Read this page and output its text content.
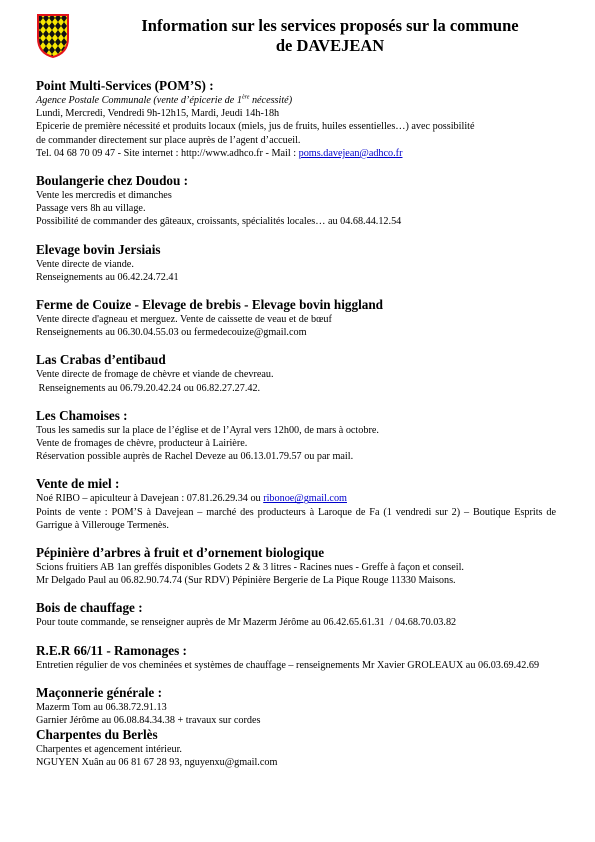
Information sur les services proposés sur la commune
de DAVEJEAN
Point Multi-Services (POM’S) :
Agence Postale Communale (vente d’épicerie de 1ère nécessité)
Lundi, Mercredi, Vendredi 9h-12h15, Mardi, Jeudi 14h-18h
Epicerie de première nécessité et produits locaux (miels, jus de fruits, huiles essentielles…) avec possibilité
de commander directement sur place auprès de l’agent d’accueil.
Tel. 04 68 70 09 47 - Site internet : http://www.adhco.fr - Mail : poms.davejean@adhco.fr
Boulangerie chez Doudou :
Vente les mercredis et dimanches
Passage vers 8h au village.
Possibilité de commander des gâteaux, croissants, spécialités locales… au 04.68.44.12.54
Elevage bovin Jersiais
Vente directe de viande.
Renseignements au 06.42.24.72.41
Ferme de Couize - Elevage de brebis - Elevage bovin higgland
Vente directe d'agneau et merguez. Vente de caissette de veau et de bœuf
Renseignements au 06.30.04.55.03 ou fermedecouize@gmail.com
Las Crabas d’entibaud
Vente directe de fromage de chèvre et viande de chevreau.
Renseignements au 06.79.20.42.24 ou 06.82.27.27.42.
Les Chamoises :
Tous les samedis sur la place de l’église et de l’Ayral vers 12h00, de mars à octobre.
Vente de fromages de chèvre, producteur à Lairière.
Réservation possible auprès de Rachel Deveze au 06.13.01.79.57 ou par mail.
Vente de miel :
Noé RIBO – apiculteur à Davejean : 07.81.26.29.34 ou ribonoe@gmail.com
Points de vente : POM’S à Davejean – marché des producteurs à Laroque de Fa (1 vendredi sur 2) – Boutique Esprits de Garrigue à Villerouge Termenès.
Pépinière d’arbres à fruit et d’ornement biologique
Scions fruitiers AB 1an greffés disponibles Godets 2 & 3 litres - Racines nues - Greffe à façon et conseil.
Mr Delgado Paul au 06.82.90.74.74 (Sur RDV) Pépinière Bergerie de La Pique Rouge 11330 Maisons.
Bois de chauffage :
Pour toute commande, se renseigner auprès de Mr Mazerm Jérôme au 06.42.65.61.31  / 04.68.70.03.82
R.E.R 66/11 - Ramonages :
Entretien régulier de vos cheminées et systèmes de chauffage – renseignements Mr Xavier GROLEAUX au 06.03.69.42.69
Maçonnerie générale :
Mazerm Tom au 06.38.72.91.13
Garnier Jérôme au 06.08.84.34.38 + travaux sur cordes
Charpentes du Berlès
Charpentes et agencement intérieur.
NGUYEN Xuân au 06 81 67 28 93, nguyenxu@gmail.com
